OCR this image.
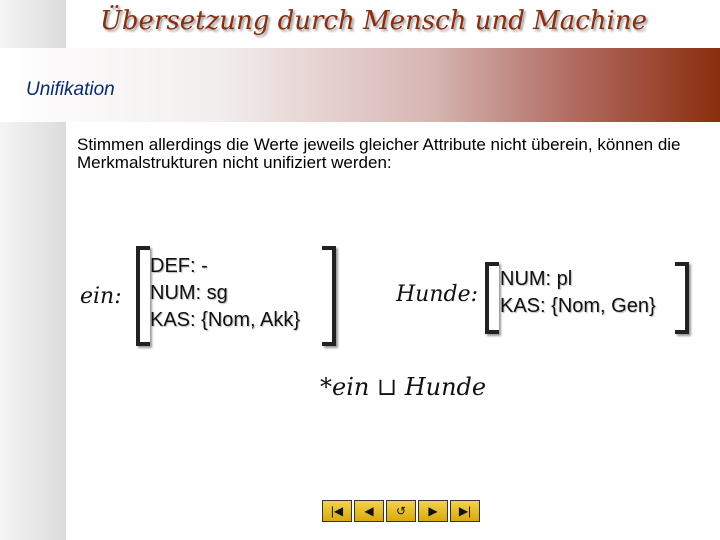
Übersetzung durch Mensch und Machine
Unifikation
Stimmen allerdings die Werte jeweils gleicher Attribute nicht überein, können die Merkmalstrukturen nicht unifiziert werden:
ein:
DEF: -
NUM: sg
KAS: {Nom, Akk}
Hunde:
NUM: pl
KAS: {Nom, Gen}
*ein ⊔ Hunde
|◀	◀	↺	▶	▶|
